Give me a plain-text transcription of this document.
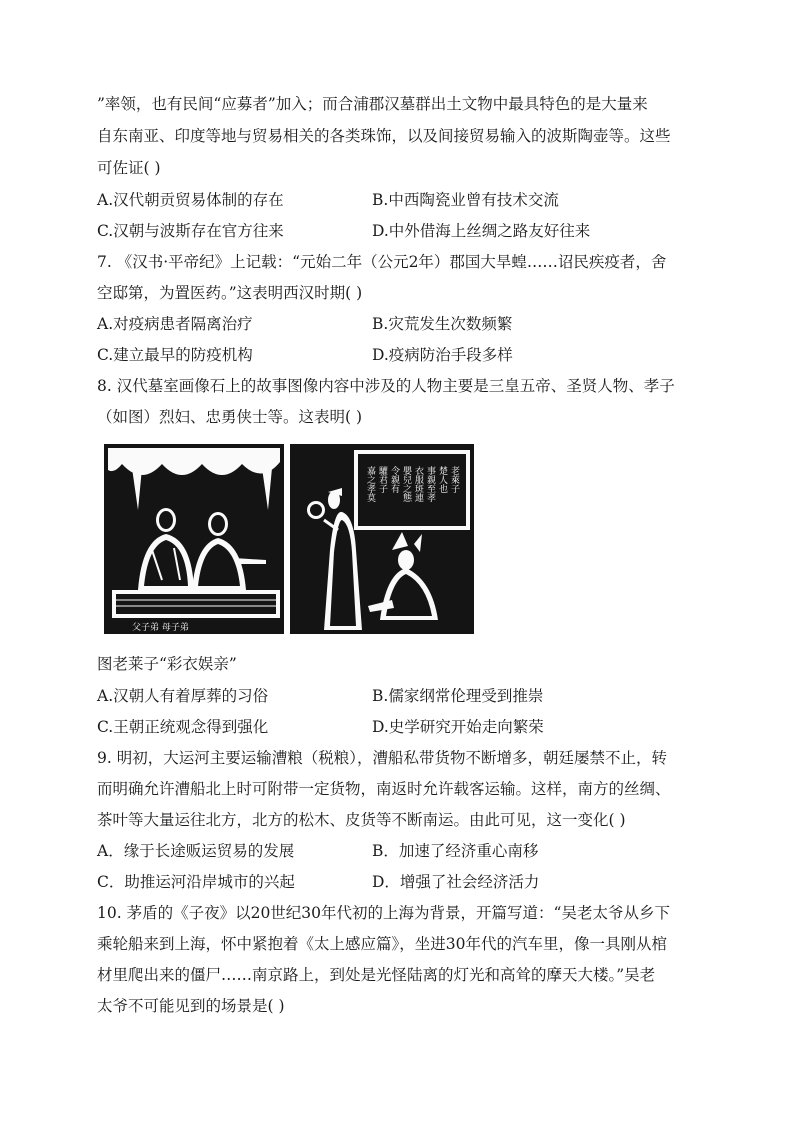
”率领，也有民间“应募者”加入；而合浦郡汉墓群出土文物中最具特色的是大量来
自东南亚、印度等地与贸易相关的各类珠饰，以及间接贸易输入的波斯陶壶等。这些
可佐证( )
A.汉代朝贡贸易体制的存在	B.中西陶瓷业曾有技术交流
C.汉朝与波斯存在官方往来	D.中外借海上丝绸之路友好往来
7. 《汉书·平帝纪》上记载：“元始二年（公元2年）郡国大旱蝗……诏民疾疫者，舍
空邸第，为置医药。”这表明西汉时期( )
A.对疫病患者隔离治疗	B.灾荒发生次数频繁
C.建立最早的防疫机构	D.疫病防治手段多样
8. 汉代墓室画像石上的故事图像内容中涉及的人物主要是三皇五帝、圣贤人物、孝子
（如图）烈妇、忠勇侠士等。这表明( )
父子弟 母子弟
老萊子
楚人也
事親至孝
衣服斑連
嬰兒之態
令親有
驩君子
嘉之孝莫
图老莱子“彩衣娱亲”
A.汉朝人有着厚葬的习俗	B.儒家纲常伦理受到推崇
C.王朝正统观念得到强化	D.史学研究开始走向繁荣
9. 明初，大运河主要运输漕粮（税粮），漕船私带货物不断增多，朝廷屡禁不止，转
而明确允许漕船北上时可附带一定货物，南返时允许载客运输。这样，南方的丝绸、
茶叶等大量运往北方，北方的松木、皮货等不断南运。由此可见，这一变化( )
A．缘于长途贩运贸易的发展	B．加速了经济重心南移
C．助推运河沿岸城市的兴起	D．增强了社会经济活力
10. 茅盾的《子夜》以20世纪30年代初的上海为背景，开篇写道：“吴老太爷从乡下
乘轮船来到上海，怀中紧抱着《太上感应篇》，坐进30年代的汽车里，像一具刚从棺
材里爬出来的僵尸……南京路上，到处是光怪陆离的灯光和高耸的摩天大楼。”吴老
太爷不可能见到的场景是( )
